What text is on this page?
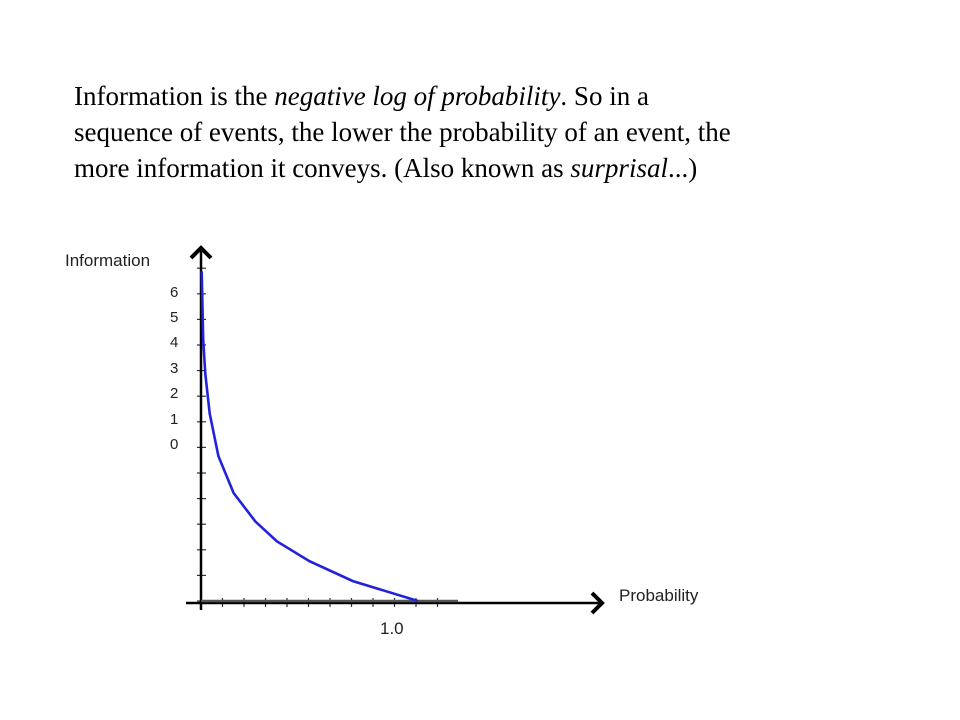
Information is the negative log of probability. So in a
sequence of events, the lower the probability of an event, the
more information it conveys. (Also known as surprisal...)
Information
Probability
1.0
6
5
4
3
2
1
0
